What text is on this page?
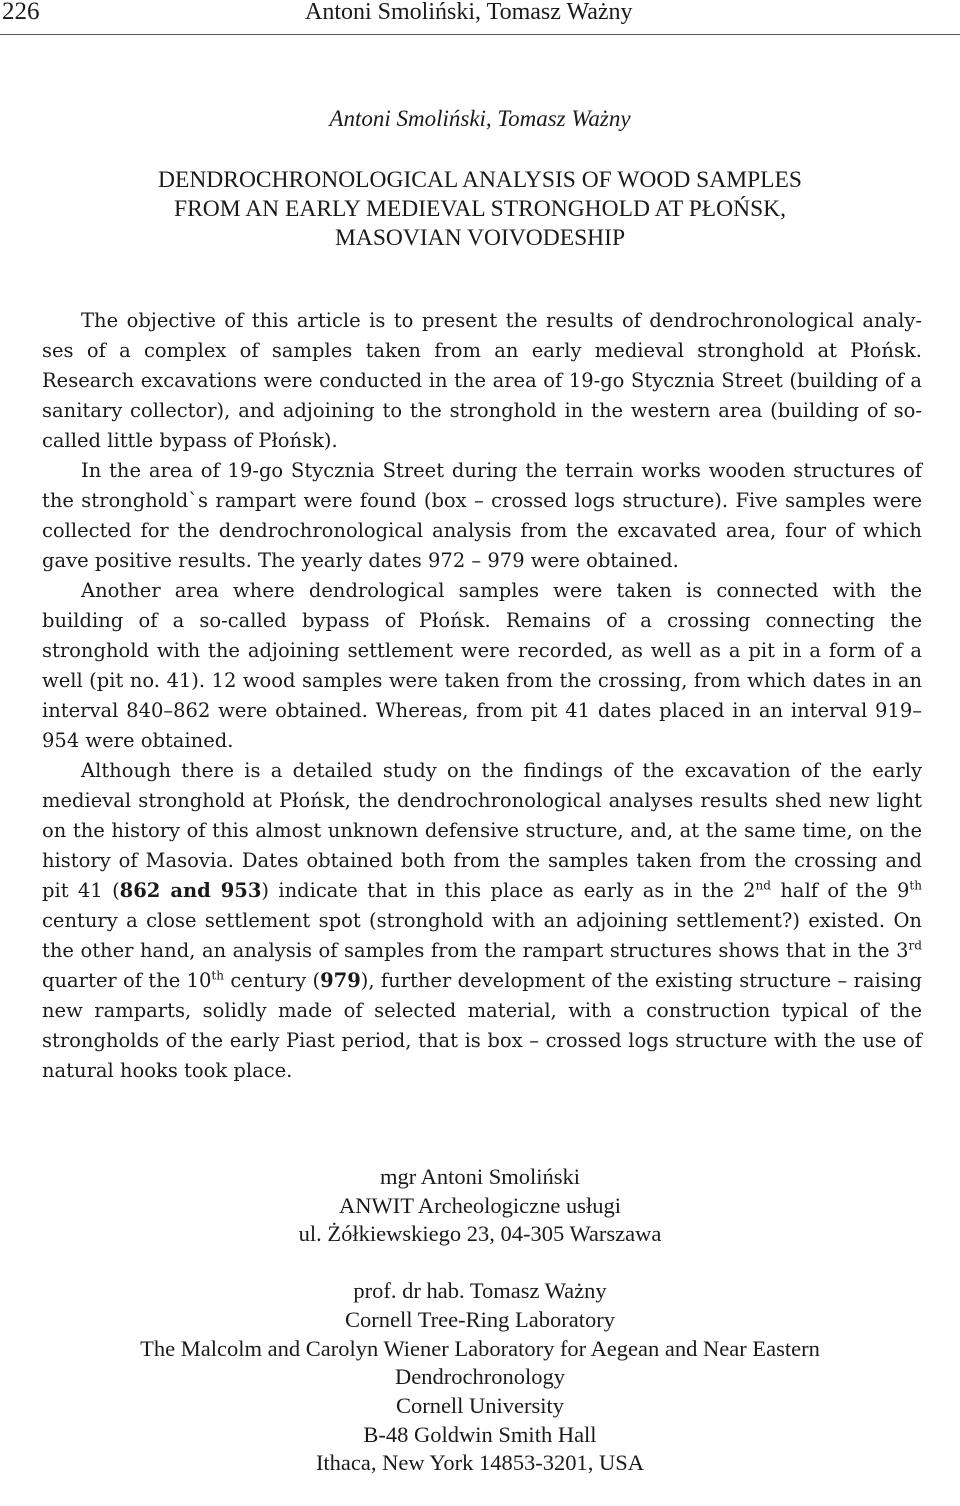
226	Antoni Smoliński, Tomasz Ważny
Antoni Smoliński, Tomasz Ważny
DENDROCHRONOLOGICAL ANALYSIS OF WOOD SAMPLES
FROM AN EARLY MEDIEVAL STRONGHOLD AT PŁOŃSK,
MASOVIAN VOIVODESHIP

The objective of this article is to present the results of dendrochronological analy-
ses of a complex of samples taken from an early medieval stronghold at Płońsk. Research excavations were conducted in the area of 19-go Stycznia Street (building of a sanitary collector), and adjoining to the stronghold in the western area (building of so-called little bypass of Płońsk).

In the area of 19-go Stycznia Street during the terrain works wooden structures of the stronghold`s rampart were found (box – crossed logs structure). Five samples were collected for the dendrochronological analysis from the excavated area, four of which gave positive results. The yearly dates 972 – 979 were obtained.

Another area where dendrological samples were taken is connected with the building of a so-called bypass of Płońsk. Remains of a crossing connecting the stronghold with the adjoining settlement were recorded, as well as a pit in a form of a well (pit no. 41). 12 wood samples were taken from the crossing, from which dates in an interval 840–862 were obtained. Whereas, from pit 41 dates placed in an interval 919–954 were obtained.

Although there is a detailed study on the findings of the excavation of the early medieval stronghold at Płońsk, the dendrochronological analyses results shed new light on the history of this almost unknown defensive structure, and, at the same time, on the history of Masovia. Dates obtained both from the samples taken from the crossing and pit 41 (862 and 953) indicate that in this place as early as in the 2nd half of the 9th century a close settlement spot (stronghold with an adjoining settlement?) existed. On the other hand, an analysis of samples from the rampart structures shows that in the 3rd quarter of the 10th century (979), further development of the existing structure – raising new ramparts, solidly made of selected material, with a construction typical of the strongholds of the early Piast period, that is box – crossed logs structure with the use of natural hooks took place.

mgr Antoni Smoliński
ANWIT Archeologiczne usługi
ul. Żółkiewskiego 23, 04-305 Warszawa
prof. dr hab. Tomasz Ważny
Cornell Tree-Ring Laboratory
The Malcolm and Carolyn Wiener Laboratory for Aegean and Near Eastern
Dendrochronology
Cornell University
B-48 Goldwin Smith Hall
Ithaca, New York 14853-3201, USA
